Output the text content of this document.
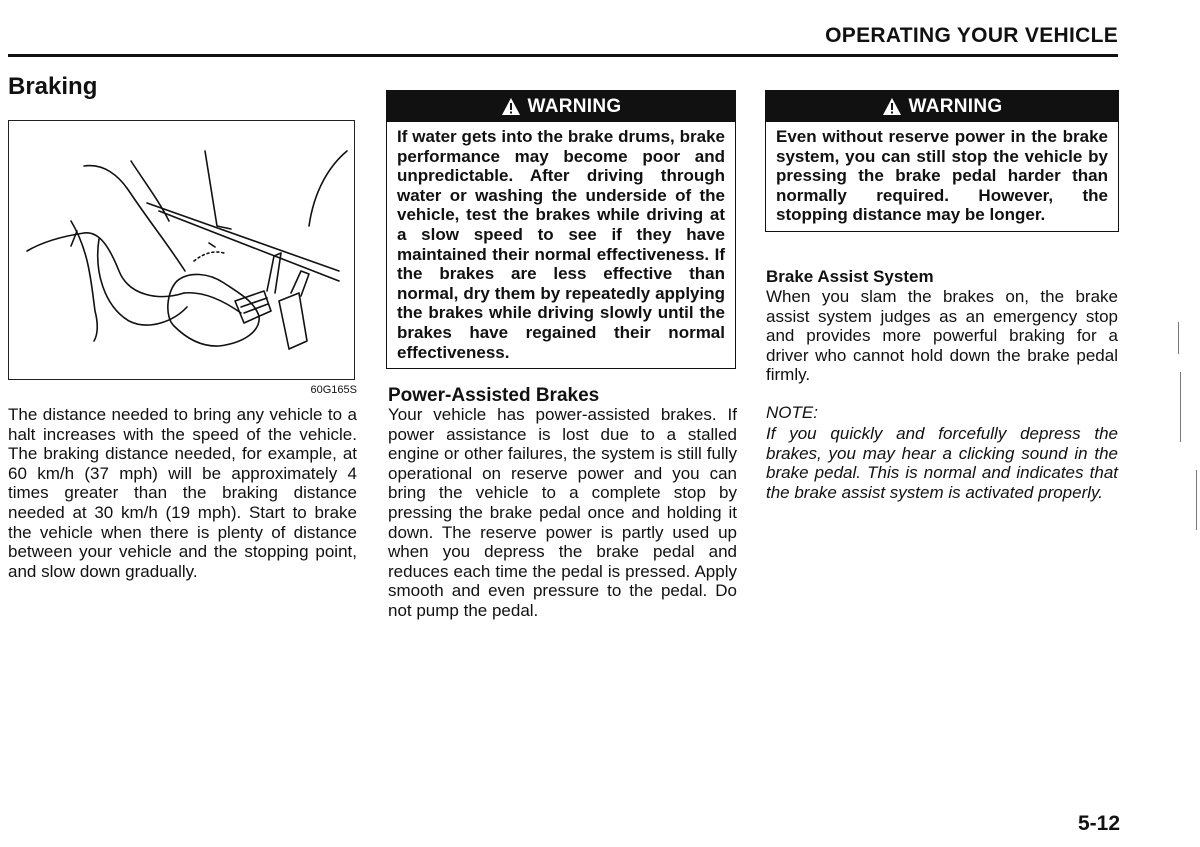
OPERATING YOUR VEHICLE
Braking
60G165S

The distance needed to bring any vehicle to a halt increases with the speed of the vehicle. The braking distance needed, for example, at 60 km/h (37 mph) will be approximately 4 times greater than the braking distance needed at 30 km/h (19 mph). Start to brake the vehicle when there is plenty of distance between your vehicle and the stopping point, and slow down gradually.

WARNING

If water gets into the brake drums, brake performance may become poor and unpredictable. After driving through water or washing the underside of the vehicle, test the brakes while driving at a slow speed to see if they have maintained their normal effectiveness. If the brakes are less effective than normal, dry them by repeatedly applying the brakes while driving slowly until the brakes have regained their normal effectiveness.

Power-Assisted Brakes

Your vehicle has power-assisted brakes. If power assistance is lost due to a stalled engine or other failures, the system is still fully operational on reserve power and you can bring the vehicle to a complete stop by pressing the brake pedal once and holding it down. The reserve power is partly used up when you depress the brake pedal and reduces each time the pedal is pressed. Apply smooth and even pressure to the pedal. Do not pump the pedal.

WARNING

Even without reserve power in the brake system, you can still stop the vehicle by pressing the brake pedal harder than normally required. However, the stopping distance may be longer.

Brake Assist System

When you slam the brakes on, the brake assist system judges as an emergency stop and provides more powerful braking for a driver who cannot hold down the brake pedal firmly.

NOTE:

If you quickly and forcefully depress the brakes, you may hear a clicking sound in the brake pedal. This is normal and indicates that the brake assist system is activated properly.

5-12
